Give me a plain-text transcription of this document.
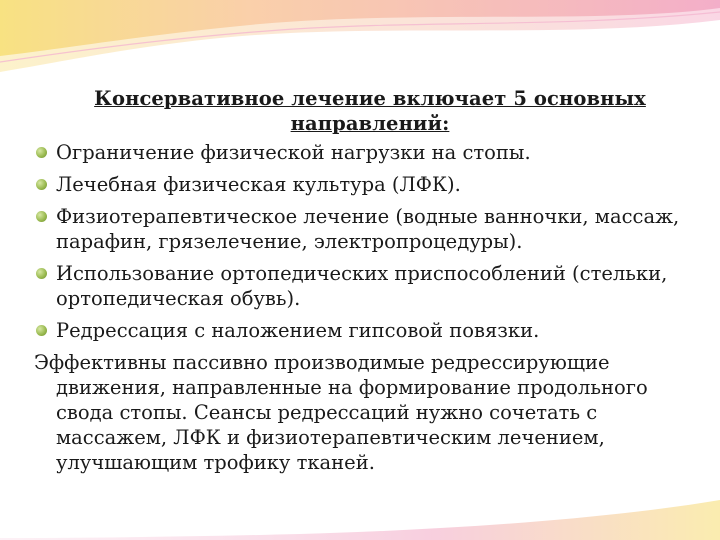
Консервативное лечение включает 5 основных направлений:
Ограничение физической нагрузки на стопы.
Лечебная физическая культура (ЛФК).
Физиотерапевтическое лечение (водные ванночки, массаж, парафин, грязелечение, электропроцедуры).
Использование ортопедических приспособлений (стельки, ортопедическая обувь).
Редрессация с наложением гипсовой повязки.

Эффективны пассивно производимые редрессирующие движения, направленные на формирование продольного свода стопы. Сеансы редрессаций нужно сочетать с массажем, ЛФК и физиотерапевтическим лечением, улучшающим трофику тканей.
